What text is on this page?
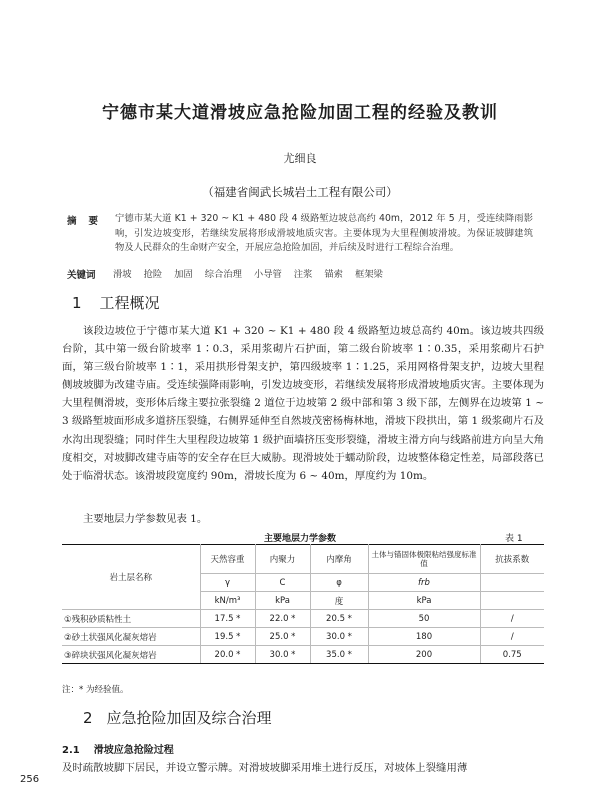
宁德市某大道滑坡应急抢险加固工程的经验及教训
尤细良
（福建省闽武长城岩土工程有限公司）
摘要 宁德市某大道 K1 + 320 ~ K1 + 480 段 4 级路堑边坡总高约 40m，2012 年 5 月，受连续降雨影响，引发边坡变形，若继续发展将形成滑坡地质灾害。主要体现为大里程侧坡滑坡。为保证坡脚建筑物及人民群众的生命财产安全，开展应急抢险加固，并后续及时进行工程综合治理。
关键词 滑坡 抢险 加固 综合治理 小导管 注浆 锚索 框架梁
1 工程概况
该段边坡位于宁德市某大道 K1 + 320 ~ K1 + 480 段 4 级路堑边坡总高约 40m。该边坡共四级台阶，其中第一级台阶坡率 1∶0.3，采用浆砌片石护面，第二级台阶坡率 1∶0.35，采用浆砌片石护面，第三级台阶坡率 1∶1，采用拱形骨架支护，第四级坡率 1∶1.25，采用网格骨架支护，边坡大里程侧坡坡脚为改建寺庙。受连续强降雨影响，引发边坡变形，若继续发展将形成滑坡地质灾害。主要体现为大里程侧滑坡，变形体后缘主要拉张裂缝 2 道位于边坡第 2 级中部和第 3 级下部，左侧界在边坡第 1 ~ 3 级路堑坡面形成多道挤压裂缝，右侧界延伸至自然坡茂密杨梅林地，滑坡下段拱出，第 1 级浆砌片石及水沟出现裂缝；同时伴生大里程段边坡第 1 级护面墙挤压变形裂缝，滑坡主滑方向与线路前进方向呈大角度相交，对坡脚改建寺庙等的安全存在巨大威胁。现滑坡处于蠕动阶段，边坡整体稳定性差，局部段落已处于临滑状态。该滑坡段宽度约 90m，滑坡长度为 6 ~ 40m，厚度约为 10m。
主要地层力学参数见表 1。
主要地层力学参数	表 1
岩土层名称	天然容重	内聚力	内摩角	土体与锚固体极限粘结强度标准值	抗拔系数
	γ	C	φ	frb	
	kN/m³	kPa	度	kPa	
①残积砂质粘性土	17.5 *	22.0 *	20.5 *	50	/
②砂土状强风化凝灰熔岩	19.5 *	25.0 *	30.0 *	180	/
③碎块状强风化凝灰熔岩	20.0 *	30.0 *	35.0 *	200	0.75
注：* 为经验值。
2 应急抢险加固及综合治理
2.1 滑坡应急抢险过程
及时疏散坡脚下居民，并设立警示牌。对滑坡坡脚采用堆土进行反压，对坡体上裂缝用薄
256
